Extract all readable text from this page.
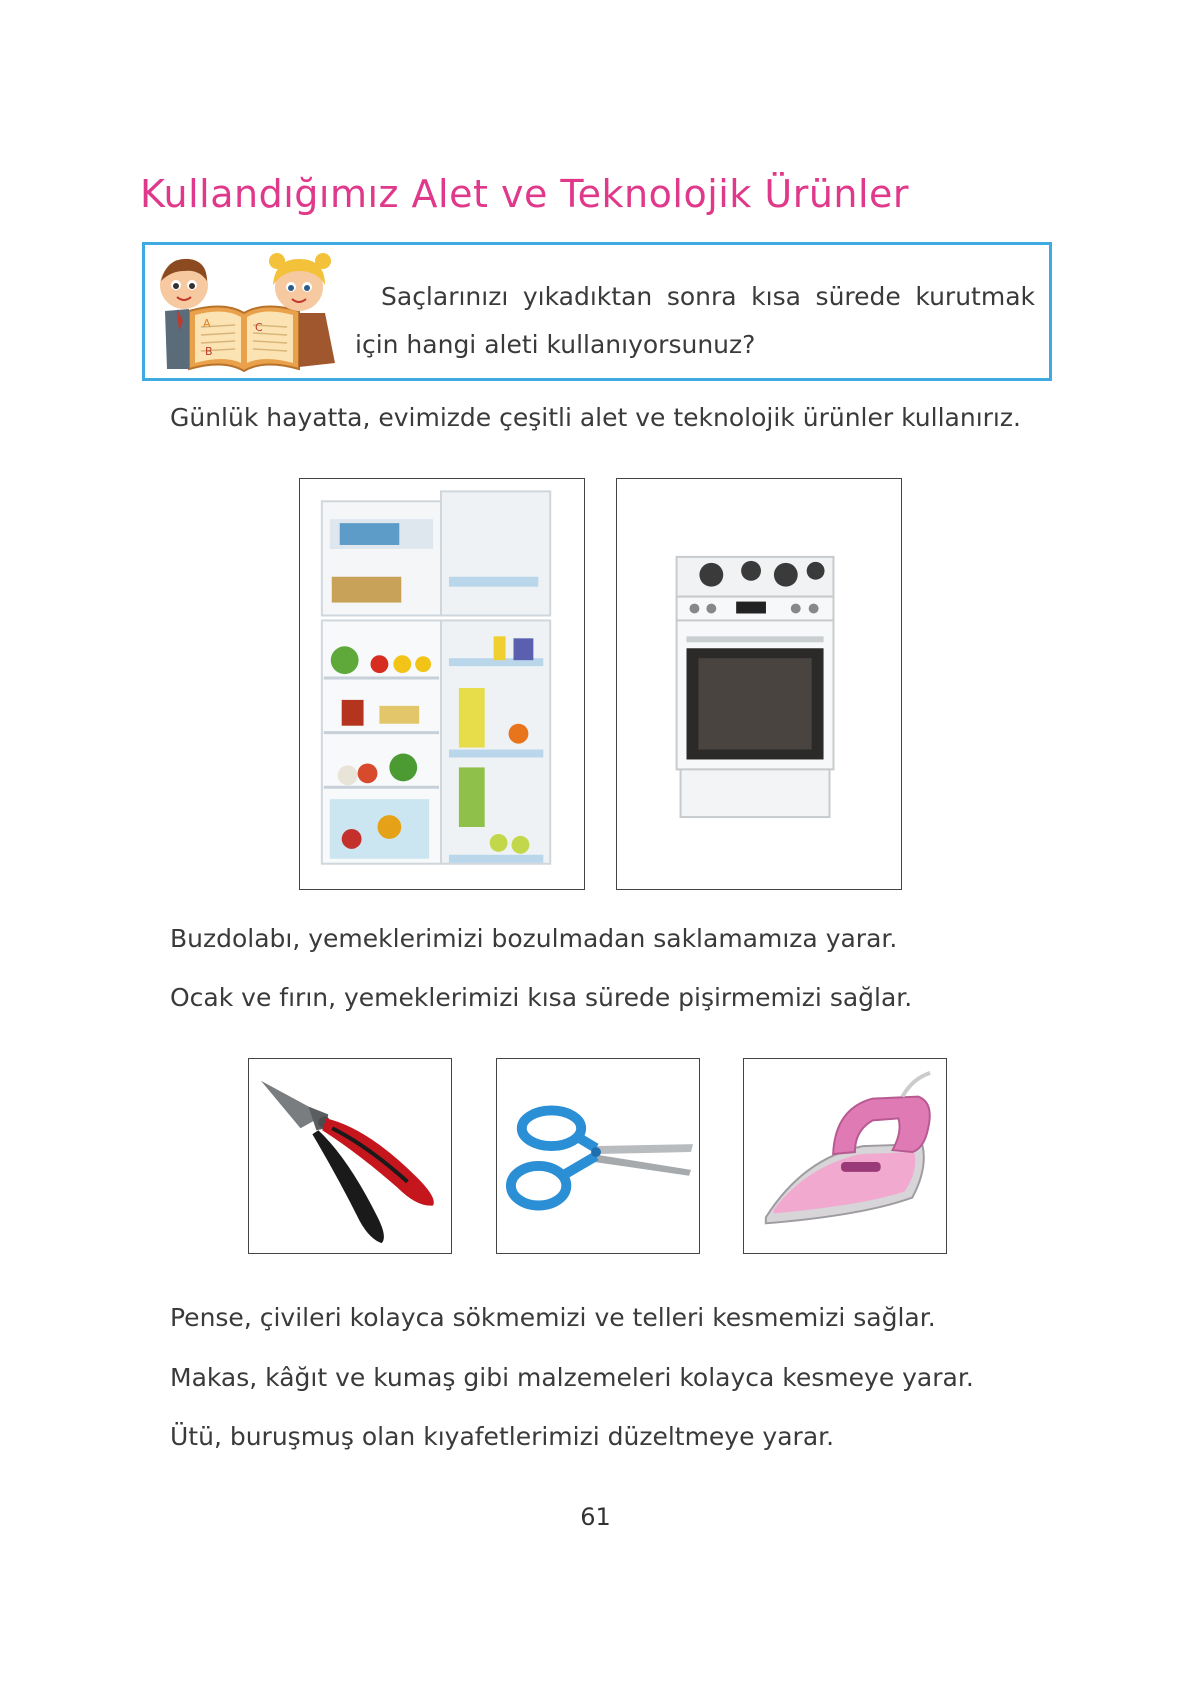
Kullandığımız Alet ve Teknolojik Ürünler
A	C
B
Saçlarınızı yıkadıktan sonra kısa sürede kurutmak için hangi aleti kullanıyorsunuz?
Günlük hayatta, evimizde çeşitli alet ve teknolojik ürünler kullanırız.
Buzdolabı, yemeklerimizi bozulmadan saklamamıza yarar.
Ocak ve fırın, yemeklerimizi kısa sürede pişirmemizi sağlar.
Pense, çivileri kolayca sökmemizi ve telleri kesmemizi sağlar.
Makas, kâğıt ve kumaş gibi malzemeleri kolayca kesmeye yarar.
Ütü, buruşmuş olan kıyafetlerimizi düzeltmeye yarar.
61
